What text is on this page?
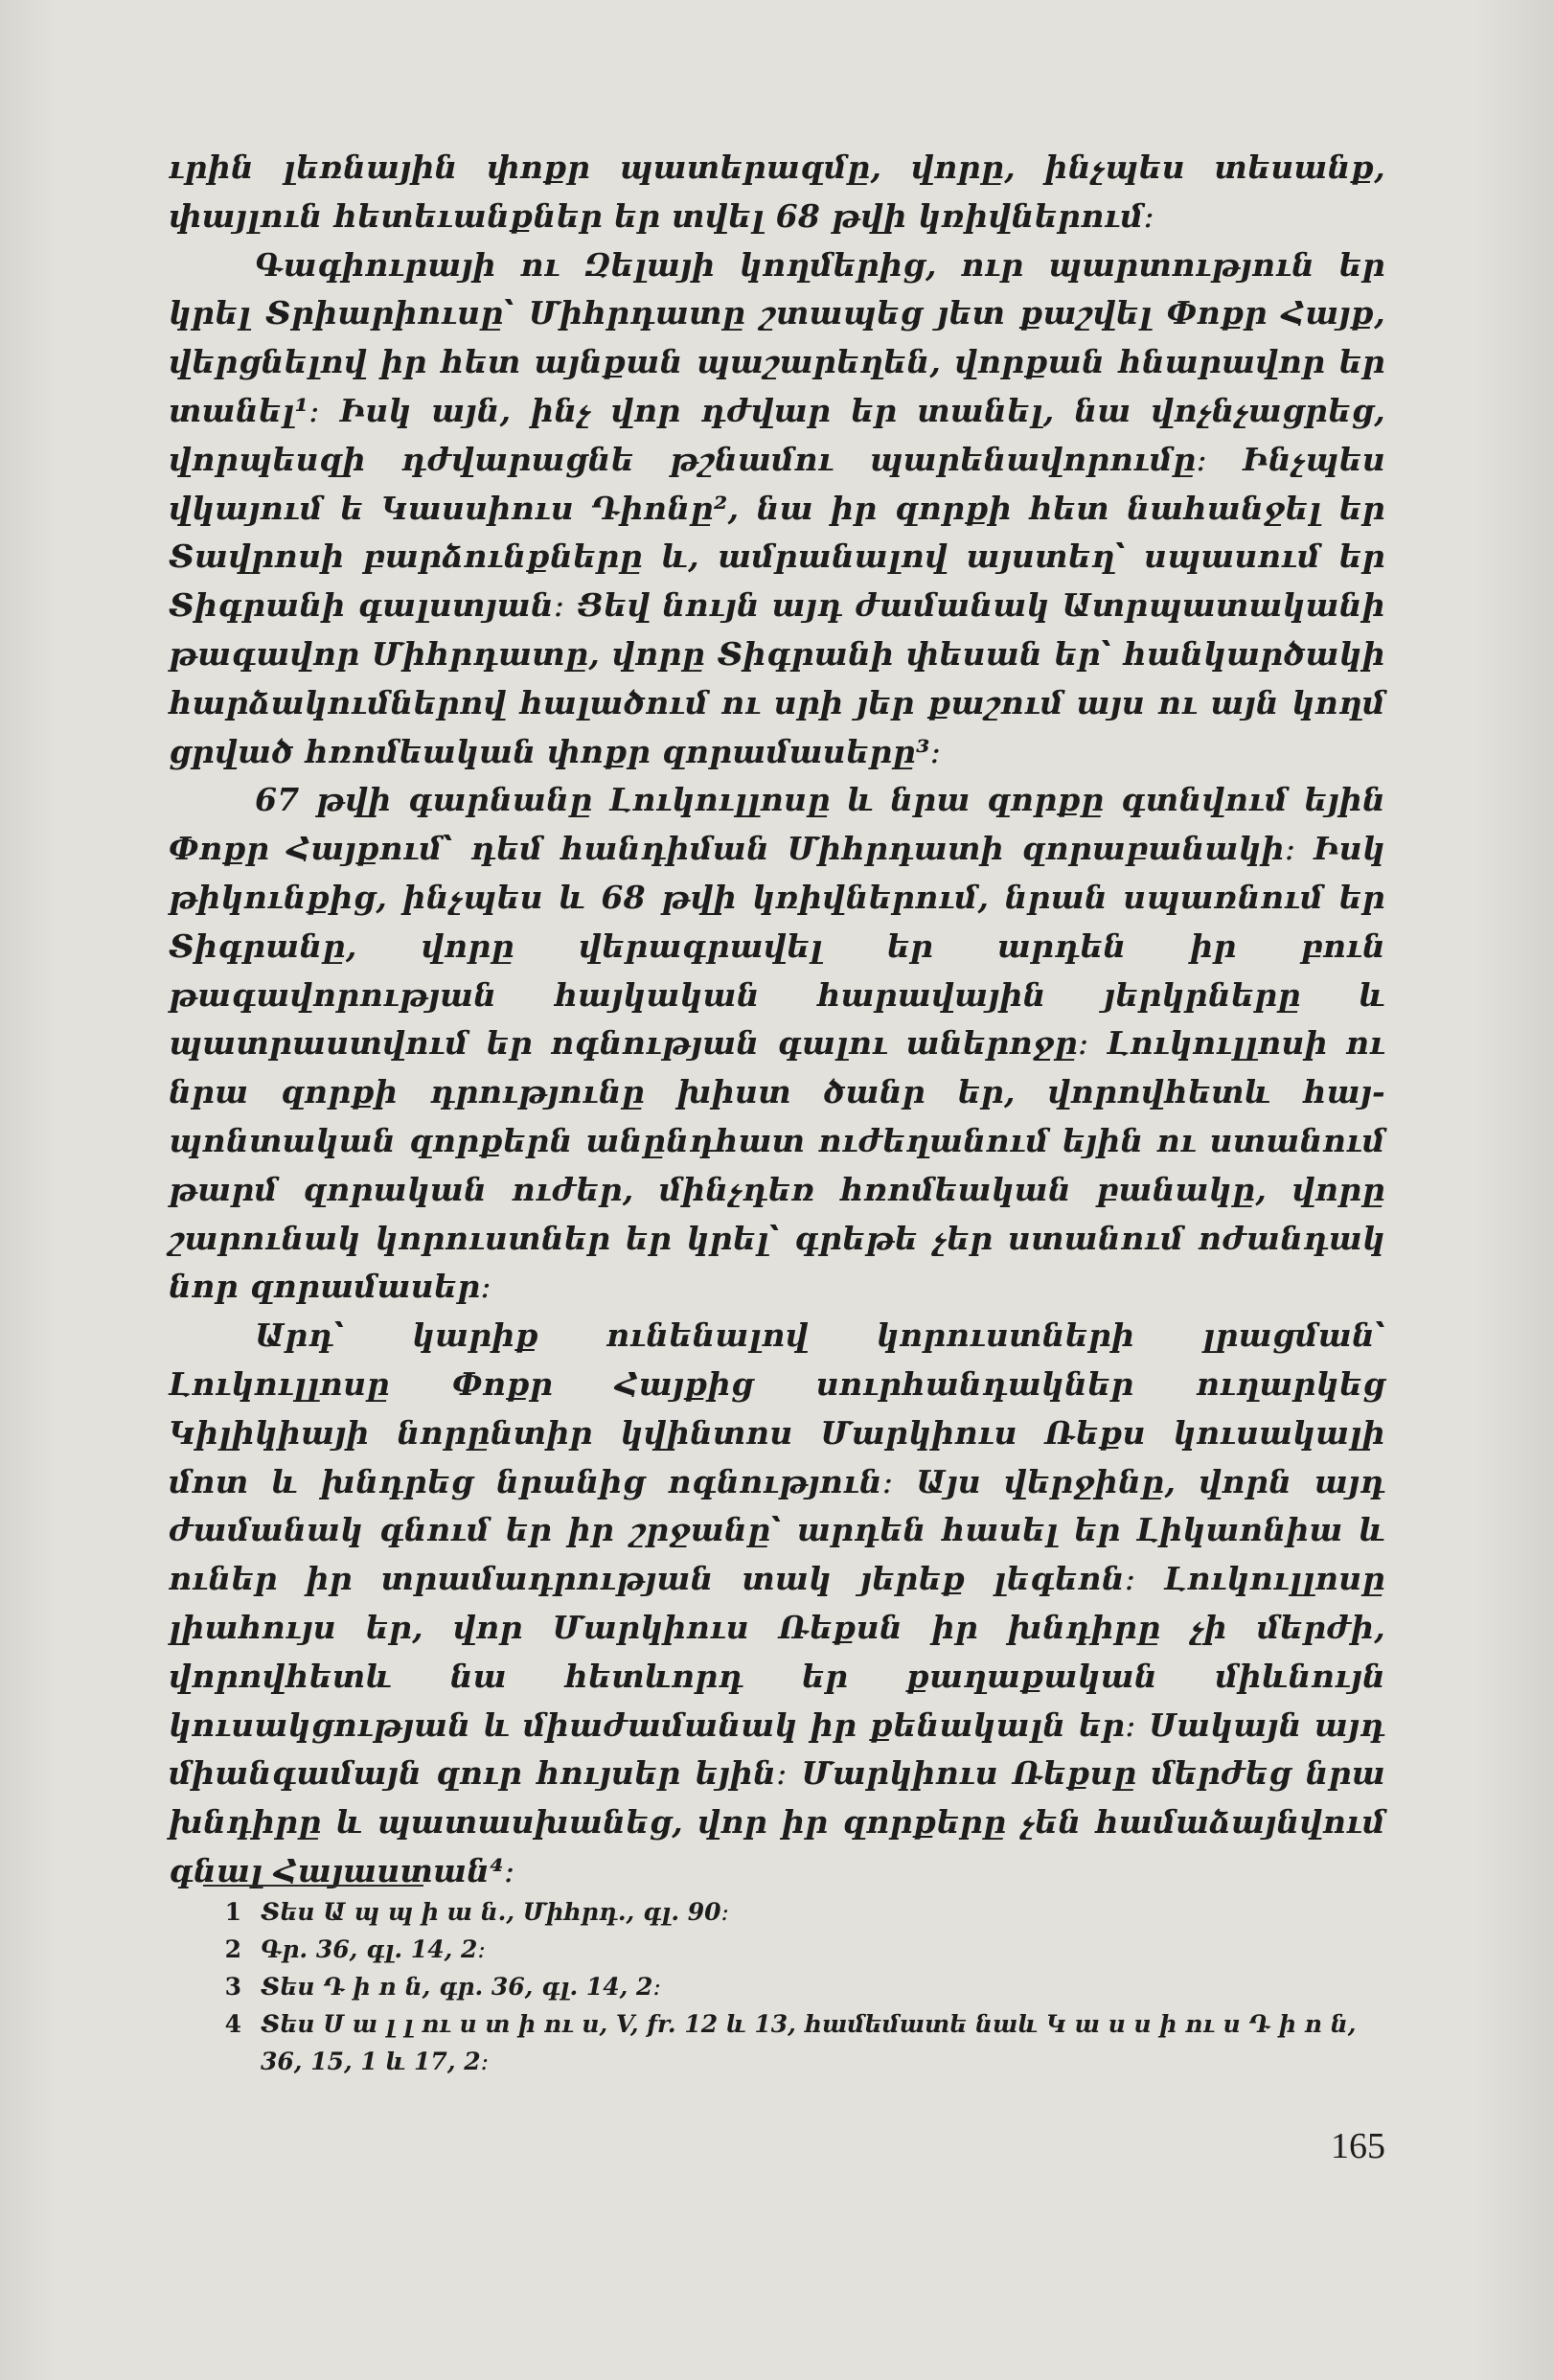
ւրին լեռնային փոքր պատերազմը, վորը, ինչպես տեսանք, փայլուն հետեւանքներ եր տվել 68 թվի կռիվներում։

Գագիուրայի ու Զելայի կողմերից, ուր պարտություն եր կրել Տրիարիուսը՝ Միհրդատը շտապեց յետ քաշվել Փոքր Հայք, վերցնելով իր հետ այնքան պաշարեղեն, վորքան հնարավոր եր տանել¹։ Իսկ այն, ինչ վոր դժվար եր տանել, նա վոչնչացրեց, վորպեսզի դժվարացնե թշնամու պարենավորումը։ Ինչպես վկայում ե Կասսիուս Դիոնը², նա իր զորքի հետ նահանջել եր Տավրոսի բարձունքները և, ամրանալով այստեղ՝ սպասում եր Տիգրանի գալստյան։ Ցեվ նույն այդ ժամանակ Ատրպատականի թագավոր Միհրդատը, վորը Տիգրանի փեսան եր՝ հանկարծակի հարձակումներով հալածում ու սրի յեր քաշում այս ու այն կողմ ցրված հռոմեական փոքր զորամասերը³։

67 թվի գարնանը Լուկուլլոսը և նրա զորքը գտնվում եյին Փոքր Հայքում՝ դեմ հանդիման Միհրդատի զորաբանակի։ Իսկ թիկունքից, ինչպես և 68 թվի կռիվներում, նրան սպառնում եր Տիգրանը, վորը վերագրավել եր արդեն իր բուն թագավորության հայկական հարավային յերկրները և պատրաստվում եր ոգնության գալու աներոջը։ Լուկուլլոսի ու նրա զորքի դրությունը խիստ ծանր եր, վորովհետև հայ-պոնտական զորքերն անընդհատ ուժեղանում եյին ու ստանում թարմ զորական ուժեր, մինչդեռ հռոմեական բանակը, վորը շարունակ կորուստներ եր կրել՝ գրեթե չեր ստանում ոժանդակ նոր զորամասեր։

Արդ՝ կարիք ունենալով կորուստների լրացման՝ Լուկուլլոսը Փոքր Հայքից սուրհանդակներ ուղարկեց Կիլիկիայի նորընտիր կվինտոս Մարկիուս Ռեքս կուսակալի մոտ և խնդրեց նրանից ոգնություն։ Այս վերջինը, վորն այդ ժամանակ գնում եր իր շրջանը՝ արդեն հասել եր Լիկաոնիա և ուներ իր տրամադրության տակ յերեք լեգեոն։ Լուկուլլոսը լիահույս եր, վոր Մարկիուս Ռեքսն իր խնդիրը չի մերժի, վորովհետև նա հետևորդ եր քաղաքական միևնույն կուսակցության և միաժամանակ իր քենակալն եր։ Սակայն այդ միանգամայն զուր հույսեր եյին։ Մարկիուս Ռեքսը մերժեց նրա խնդիրը և պատասխանեց, վոր իր զորքերը չեն համաձայնվում գնալ Հայաստան⁴։

1 Տես Ա պ պ ի ա ն., Միհրդ., գլ. 90։
2 Գր. 36, գլ. 14, 2։
3 Տես Դ ի ո ն, գր. 36, գլ. 14, 2։
4 Տես Ս ա լ լ ու ս տ ի ու ս, V, fr. 12 և 13, համեմատե նաև Կ ա ս ս ի ու ս Դ ի ո ն, 36, 15, 1 և 17, 2։
165
